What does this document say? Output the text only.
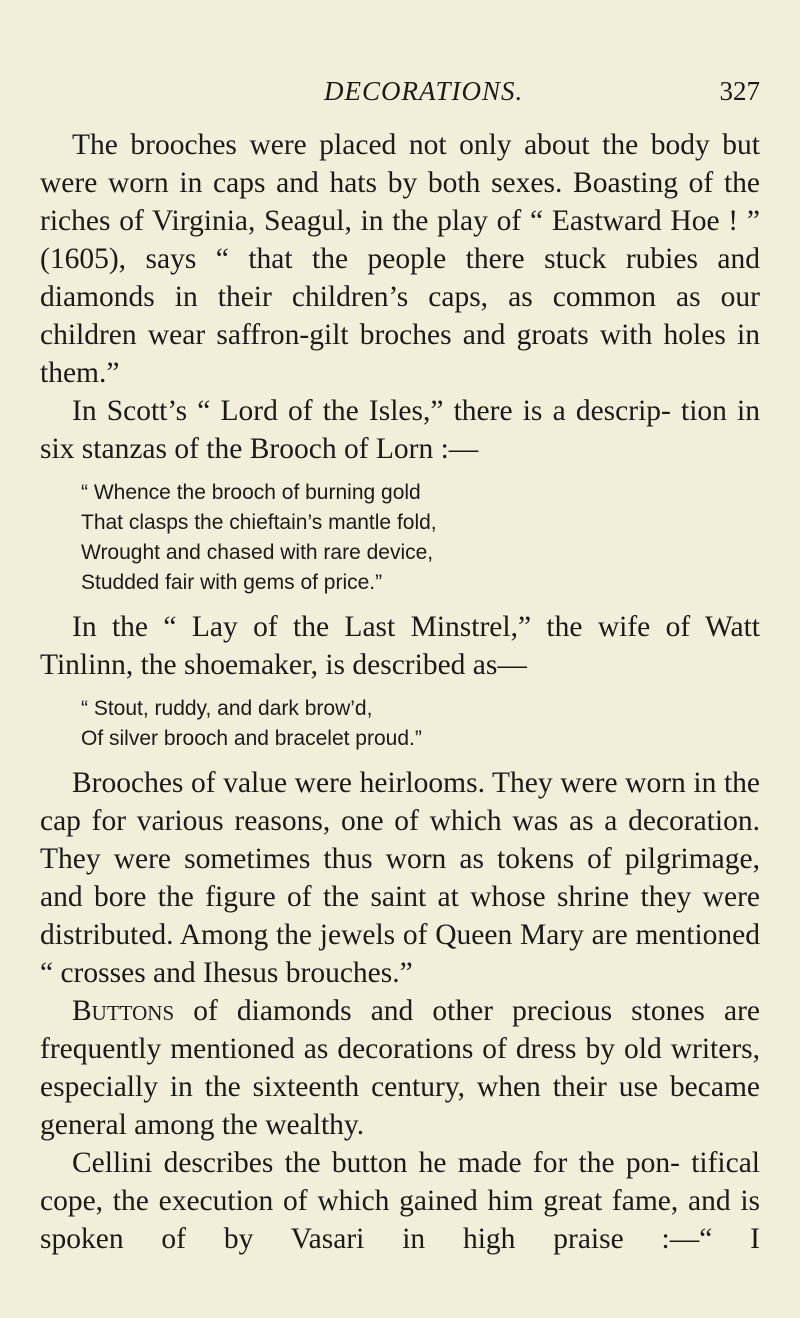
DECORATIONS.	327

The brooches were placed not only about the body but were worn in caps and hats by both sexes. Boasting of the riches of Virginia, Seagul, in the play of “ Eastward Hoe ! ” (1605), says “ that the people there stuck rubies and diamonds in their children’s caps, as common as our children wear saffron-gilt broches and groats with holes in them.”

In Scott’s “ Lord of the Isles,” there is a descrip- tion in six stanzas of the Brooch of Lorn :—

“ Whence the brooch of burning gold
That clasps the chieftain’s mantle fold,
Wrought and chased with rare device,
Studded fair with gems of price.”

In the “ Lay of the Last Minstrel,” the wife of Watt Tinlinn, the shoemaker, is described as—

“ Stout, ruddy, and dark brow’d,
Of silver brooch and bracelet proud.”

Brooches of value were heirlooms. They were worn in the cap for various reasons, one of which was as a decoration. They were sometimes thus worn as tokens of pilgrimage, and bore the figure of the saint at whose shrine they were distributed. Among the jewels of Queen Mary are mentioned “ crosses and Ihesus brouches.”

Buttons of diamonds and other precious stones are frequently mentioned as decorations of dress by old writers, especially in the sixteenth century, when their use became general among the wealthy.

Cellini describes the button he made for the pon- tifical cope, the execution of which gained him great fame, and is spoken of by Vasari in high praise :—“ I
